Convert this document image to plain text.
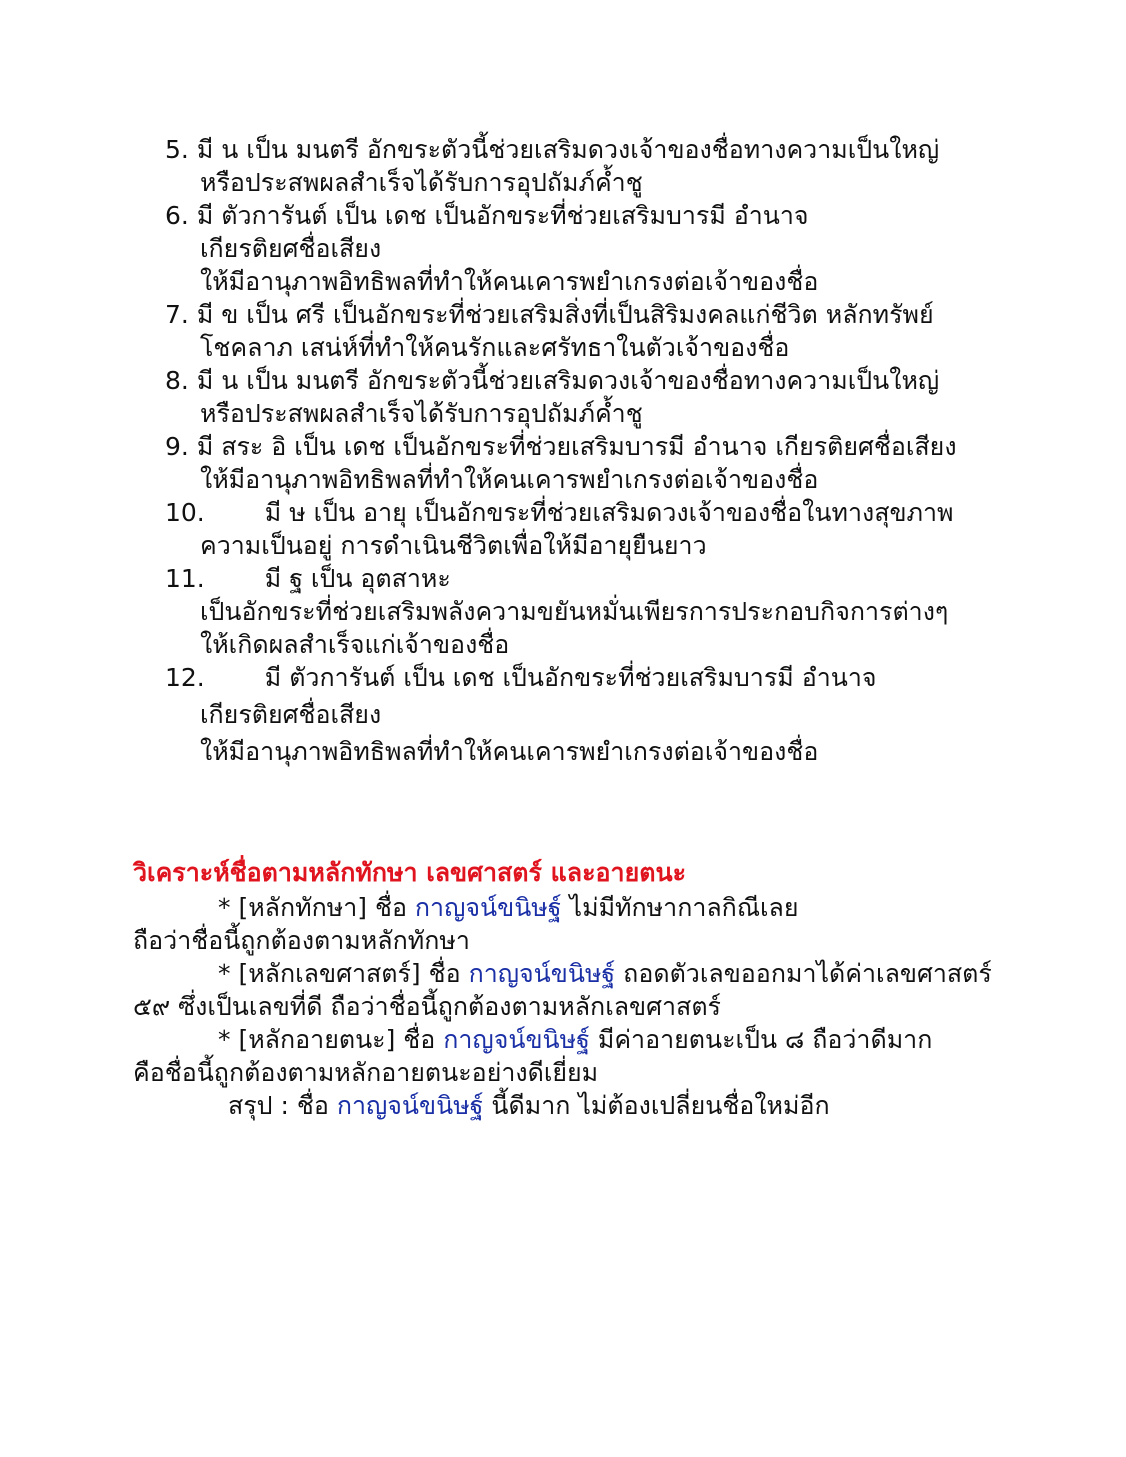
5. มี น เป็น มนตรี อักขระตัวนี้ช่วยเสริมดวงเจ้าของชื่อทางความเป็นใหญ่
หรือประสพผลสำเร็จได้รับการอุปถัมภ์ค้ำชู
6. มี ตัวการันต์ เป็น เดช เป็นอักขระที่ช่วยเสริมบารมี อำนาจ
เกียรติยศชื่อเสียง
ให้มีอานุภาพอิทธิพลที่ทำให้คนเคารพยำเกรงต่อเจ้าของชื่อ
7. มี ข เป็น ศรี เป็นอักขระที่ช่วยเสริมสิ่งที่เป็นสิริมงคลแก่ชีวิต หลักทรัพย์
โชคลาภ เสน่ห์ที่ทำให้คนรักและศรัทธาในตัวเจ้าของชื่อ
8. มี น เป็น มนตรี อักขระตัวนี้ช่วยเสริมดวงเจ้าของชื่อทางความเป็นใหญ่
หรือประสพผลสำเร็จได้รับการอุปถัมภ์ค้ำชู
9. มี สระ อิ เป็น เดช เป็นอักขระที่ช่วยเสริมบารมี อำนาจ เกียรติยศชื่อเสียง
ให้มีอานุภาพอิทธิพลที่ทำให้คนเคารพยำเกรงต่อเจ้าของชื่อ
10. มี ษ เป็น อายุ เป็นอักขระที่ช่วยเสริมดวงเจ้าของชื่อในทางสุขภาพ
ความเป็นอยู่ การดำเนินชีวิตเพื่อให้มีอายุยืนยาว
11. มี ฐ เป็น อุตสาหะ
เป็นอักขระที่ช่วยเสริมพลังความขยันหมั่นเพียรการประกอบกิจการต่างๆ
ให้เกิดผลสำเร็จแก่เจ้าของชื่อ
12. มี ตัวการันต์ เป็น เดช เป็นอักขระที่ช่วยเสริมบารมี อำนาจ
เกียรติยศชื่อเสียง
ให้มีอานุภาพอิทธิพลที่ทำให้คนเคารพยำเกรงต่อเจ้าของชื่อ
วิเคราะห์ชื่อตามหลักทักษา เลขศาสตร์ และอายตนะ
* [หลักทักษา] ชื่อ กาญจน์ขนิษฐ์ ไม่มีทักษากาลกิณีเลย
ถือว่าชื่อนี้ถูกต้องตามหลักทักษา
* [หลักเลขศาสตร์] ชื่อ กาญจน์ขนิษฐ์ ถอดตัวเลขออกมาได้ค่าเลขศาสตร์
๕๙ ซึ่งเป็นเลขที่ดี ถือว่าชื่อนี้ถูกต้องตามหลักเลขศาสตร์
* [หลักอายตนะ] ชื่อ กาญจน์ขนิษฐ์ มีค่าอายตนะเป็น ๘ ถือว่าดีมาก
คือชื่อนี้ถูกต้องตามหลักอายตนะอย่างดีเยี่ยม
สรุป : ชื่อ กาญจน์ขนิษฐ์ นี้ดีมาก ไม่ต้องเปลี่ยนชื่อใหม่อีก
